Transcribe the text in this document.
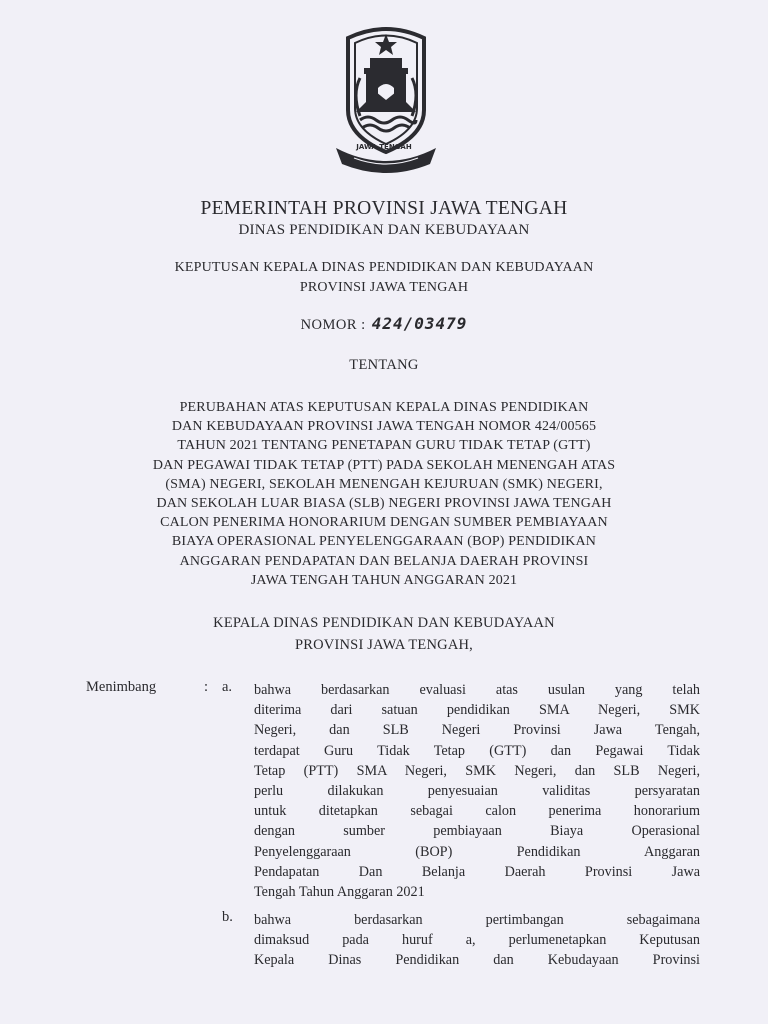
JAWA TENGAH
PEMERINTAH PROVINSI JAWA TENGAH
DINAS PENDIDIKAN DAN KEBUDAYAAN
KEPUTUSAN KEPALA DINAS PENDIDIKAN DAN KEBUDAYAAN
PROVINSI JAWA TENGAH
NOMOR : 424/03479
TENTANG
PERUBAHAN ATAS KEPUTUSAN KEPALA DINAS PENDIDIKAN
DAN KEBUDAYAAN PROVINSI JAWA TENGAH NOMOR 424/00565
TAHUN 2021 TENTANG PENETAPAN GURU TIDAK TETAP (GTT)
DAN PEGAWAI TIDAK TETAP (PTT) PADA SEKOLAH MENENGAH ATAS
(SMA) NEGERI, SEKOLAH MENENGAH KEJURUAN (SMK) NEGERI,
DAN SEKOLAH LUAR BIASA (SLB) NEGERI PROVINSI JAWA TENGAH
CALON PENERIMA HONORARIUM DENGAN SUMBER PEMBIAYAAN
BIAYA OPERASIONAL PENYELENGGARAAN (BOP) PENDIDIKAN
ANGGARAN PENDAPATAN DAN BELANJA DAERAH PROVINSI
JAWA TENGAH TAHUN ANGGARAN 2021
KEPALA DINAS PENDIDIKAN DAN KEBUDAYAAN
PROVINSI JAWA TENGAH,
Menimbang	: a. bahwa berdasarkan evaluasi atas usulan yang telah
diterima dari satuan pendidikan SMA Negeri, SMK
Negeri, dan SLB Negeri Provinsi Jawa Tengah,
terdapat Guru Tidak Tetap (GTT) dan Pegawai Tidak
Tetap (PTT) SMA Negeri, SMK Negeri, dan SLB Negeri,
perlu dilakukan penyesuaian validitas persyaratan
untuk ditetapkan sebagai calon penerima honorarium
dengan sumber pembiayaan Biaya Operasional
Penyelenggaraan (BOP) Pendidikan Anggaran
Pendapatan Dan Belanja Daerah Provinsi Jawa
Tengah Tahun Anggaran 2021
b. bahwa berdasarkan pertimbangan sebagaimana
dimaksud pada huruf a, perlumenetapkan Keputusan
Kepala Dinas Pendidikan dan Kebudayaan Provinsi
